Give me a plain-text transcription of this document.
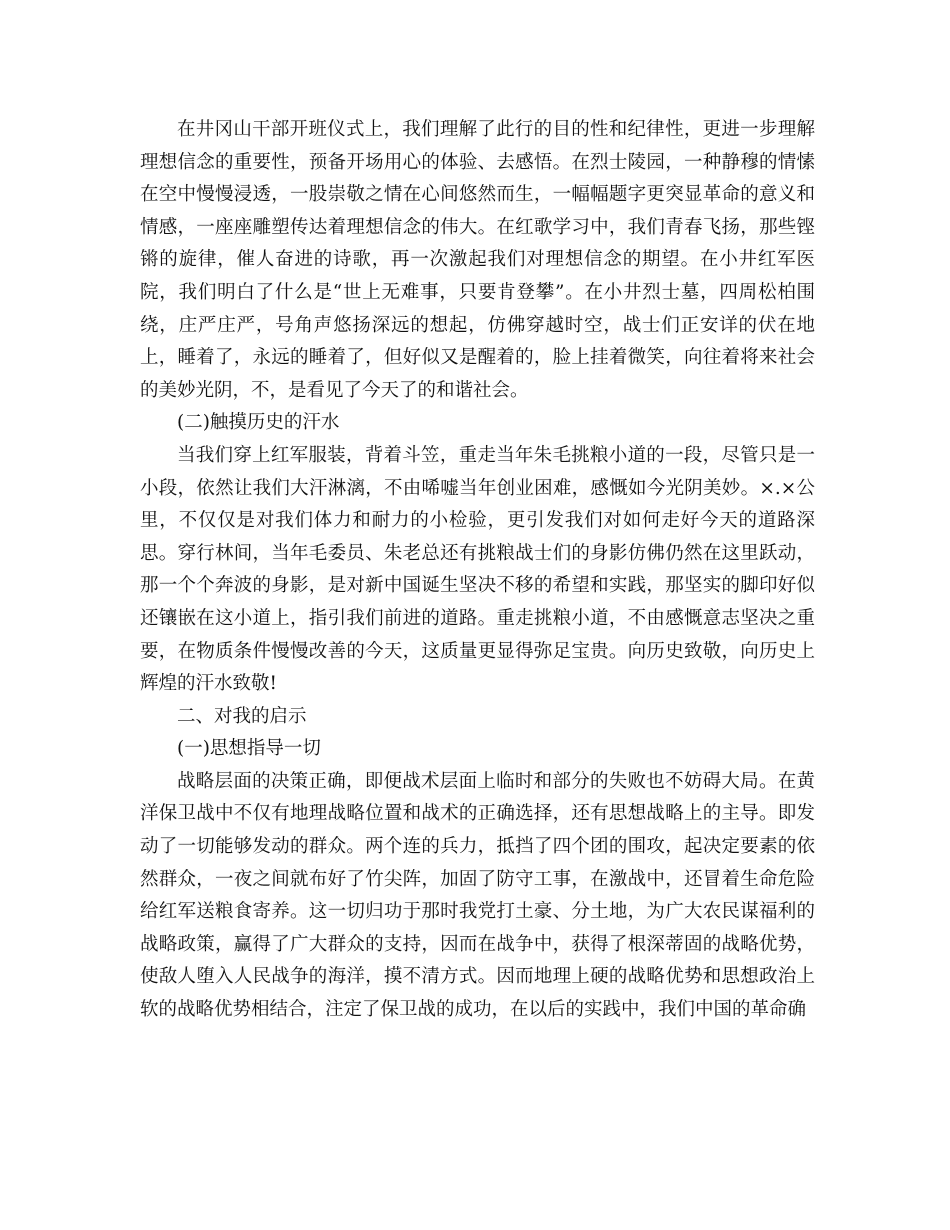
在井冈山干部开班仪式上，我们理解了此行的目的性和纪律性，更进一步理解理想信念的重要性，预备开场用心的体验、去感悟。在烈士陵园，一种静穆的情愫在空中慢慢浸透，一股崇敬之情在心间悠然而生，一幅幅题字更突显革命的意义和情感，一座座雕塑传达着理想信念的伟大。在红歌学习中，我们青春飞扬，那些铿锵的旋律，催人奋进的诗歌，再一次激起我们对理想信念的期望。在小井红军医院，我们明白了什么是“世上无难事，只要肯登攀”。在小井烈士墓，四周松柏围绕，庄严庄严，号角声悠扬深远的想起，仿佛穿越时空，战士们正安详的伏在地上，睡着了，永远的睡着了，但好似又是醒着的，脸上挂着微笑，向往着将来社会的美妙光阴，不，是看见了今天了的和谐社会。

(二)触摸历史的汗水

当我们穿上红军服装，背着斗笠，重走当年朱毛挑粮小道的一段，尽管只是一小段，依然让我们大汗淋漓，不由唏嘘当年创业困难，感慨如今光阴美妙。×.×公里，不仅仅是对我们体力和耐力的小检验，更引发我们对如何走好今天的道路深思。穿行林间，当年毛委员、朱老总还有挑粮战士们的身影仿佛仍然在这里跃动，那一个个奔波的身影，是对新中国诞生坚决不移的希望和实践，那坚实的脚印好似还镶嵌在这小道上，指引我们前进的道路。重走挑粮小道，不由感慨意志坚决之重要，在物质条件慢慢改善的今天，这质量更显得弥足宝贵。向历史致敬，向历史上辉煌的汗水致敬!

二、对我的启示

(一)思想指导一切

战略层面的决策正确，即便战术层面上临时和部分的失败也不妨碍大局。在黄洋保卫战中不仅有地理战略位置和战术的正确选择，还有思想战略上的主导。即发动了一切能够发动的群众。两个连的兵力，抵挡了四个团的围攻，起决定要素的依然群众，一夜之间就布好了竹尖阵，加固了防守工事，在激战中，还冒着生命危险给红军送粮食寄养。这一切归功于那时我党打土豪、分土地，为广大农民谋福利的战略政策，赢得了广大群众的支持，因而在战争中，获得了根深蒂固的战略优势，使敌人堕入人民战争的海洋，摸不清方式。因而地理上硬的战略优势和思想政治上软的战略优势相结合，注定了保卫战的成功，在以后的实践中，我们中国的革命确
